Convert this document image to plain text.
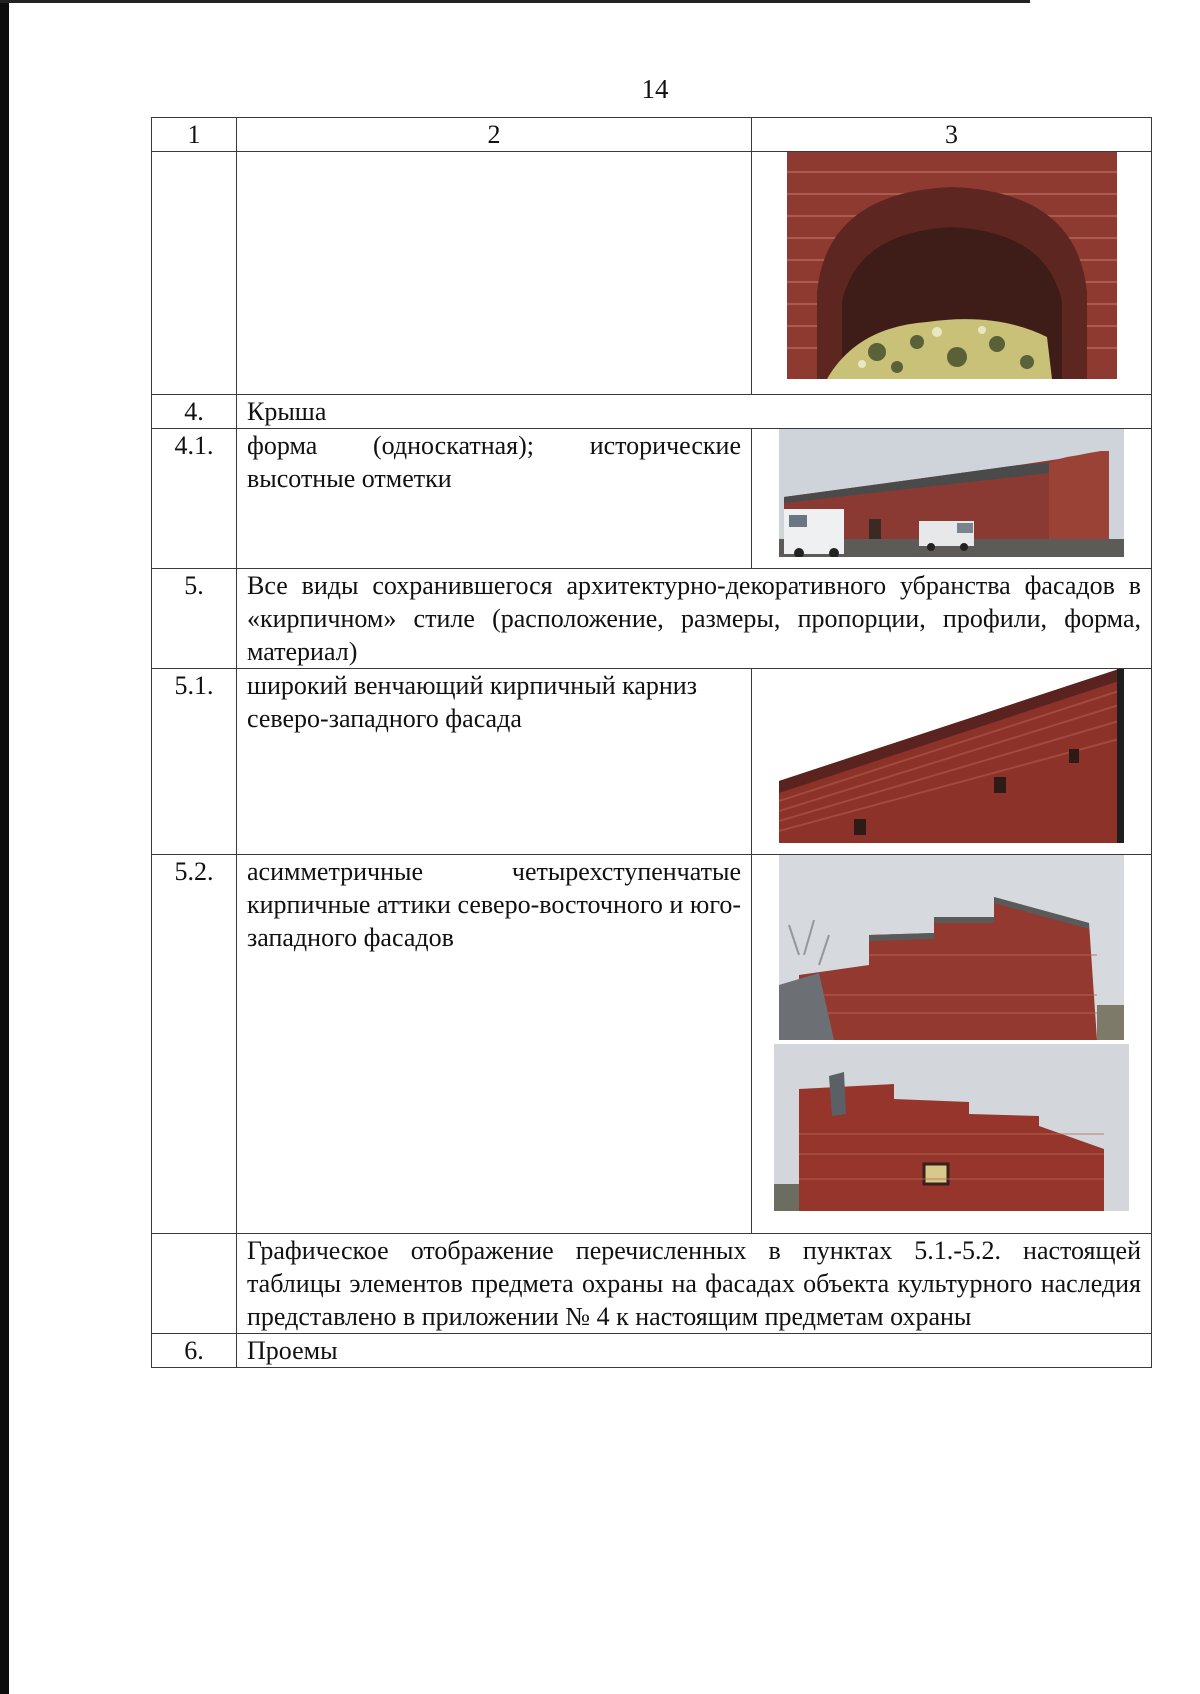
14
1	2	3

4.	Крыша	
4.1.	форма (односкатная); исторические высотные отметки	

5.	Все виды сохранившегося архитектурно-декоративного убранства фасадов в «кирпичном» стиле (расположение, размеры, пропорции, профили, форма, материал)	
5.1.	широкий венчающий кирпичный карниз северо-западного фасада	

5.2.	асимметричные четырехступенчатые кирпичные аттики северо-восточного и юго-западного фасадов	

	Графическое отображение перечисленных в пунктах 5.1.-5.2. настоящей таблицы элементов предмета охраны на фасадах объекта культурного наследия представлено в приложении № 4 к настоящим предметам охраны	
6.	Проемы	
